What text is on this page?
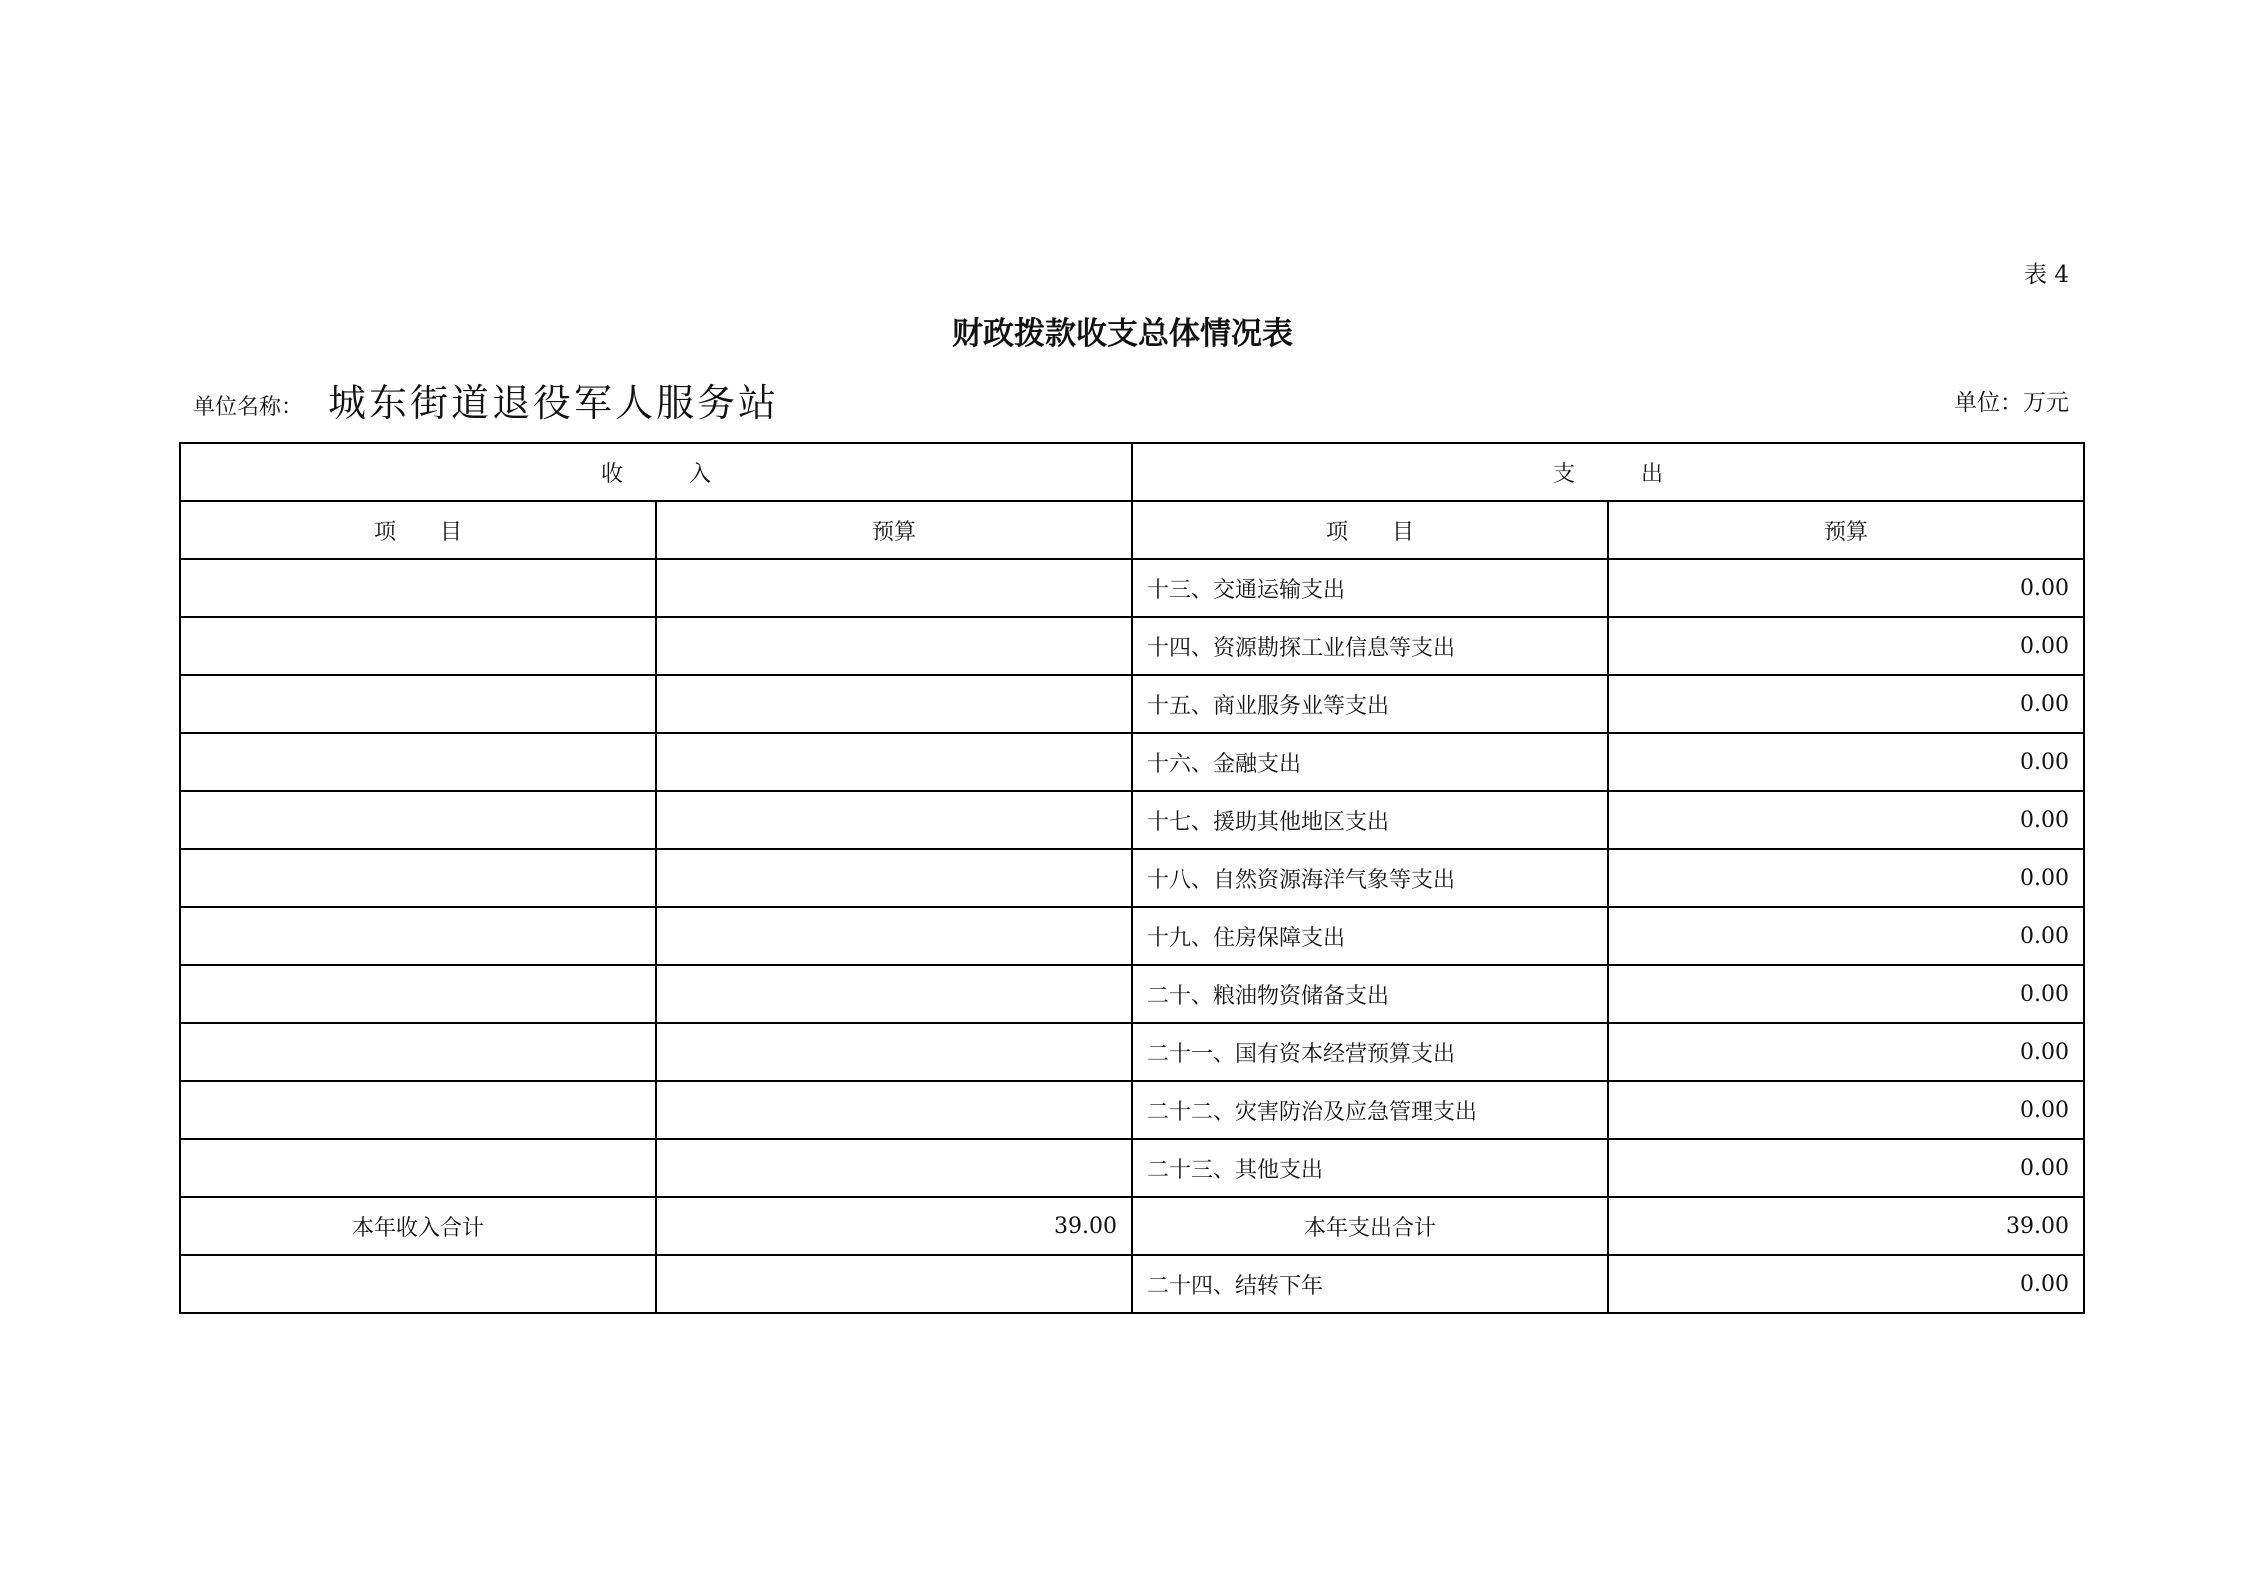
表 4
财政拨款收支总体情况表
单位名称： 城东街道退役军人服务站	单位：万元
收　　　入		支　　　出	
项　　目	预算	项　　目	预算
		十三、交通运输支出	0.00
		十四、资源勘探工业信息等支出	0.00
		十五、商业服务业等支出	0.00
		十六、金融支出	0.00
		十七、援助其他地区支出	0.00
		十八、自然资源海洋气象等支出	0.00
		十九、住房保障支出	0.00
		二十、粮油物资储备支出	0.00
		二十一、国有资本经营预算支出	0.00
		二十二、灾害防治及应急管理支出	0.00
		二十三、其他支出	0.00
本年收入合计	39.00	本年支出合计	39.00
		二十四、结转下年	0.00
